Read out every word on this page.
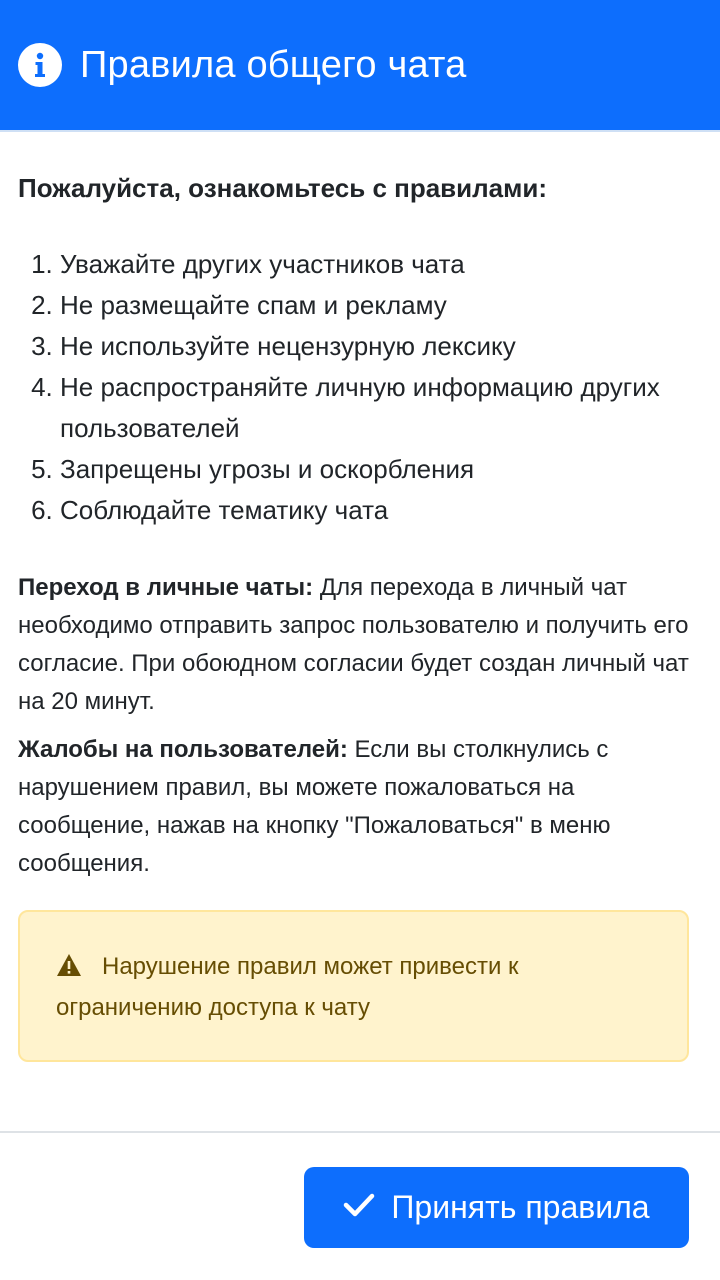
Правила общего чата

Пожалуйста, ознакомьтесь с правилами:

1. Уважайте других участников чата
2. Не размещайте спам и рекламу
3. Не используйте нецензурную лексику
4. Не распространяйте личную информацию других пользователей
5. Запрещены угрозы и оскорбления
6. Соблюдайте тематику чата

Переход в личные чаты: Для перехода в личный чат необходимо отправить запрос пользователю и получить его согласие. При обоюдном согласии будет создан личный чат на 20 минут.

Жалобы на пользователей: Если вы столкнулись с нарушением правил, вы можете пожаловаться на сообщение, нажав на кнопку "Пожаловаться" в меню сообщения.

Нарушение правил может привести к ограничению доступа к чату
Принять правила
